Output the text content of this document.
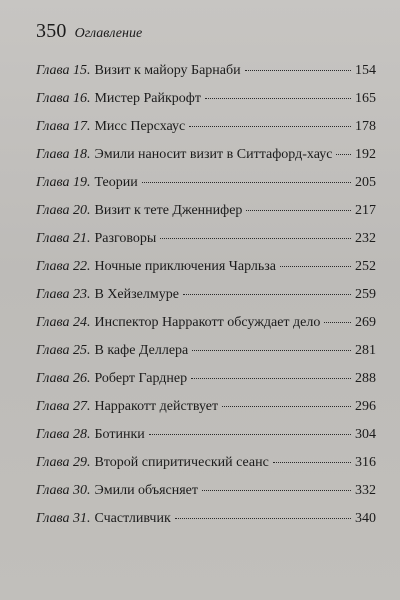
350 Оглавление
Глава 15. Визит к майору Барнаби	154
Глава 16. Мистер Райкрофт	165
Глава 17. Мисс Персхаус	178
Глава 18. Эмили наносит визит в Ситтафорд-хаус 192
Глава 19. Теории	205
Глава 20. Визит к тете Дженнифер	217
Глава 21. Разговоры	232
Глава 22. Ночные приключения Чарльза	252
Глава 23. В Хейзелмуре	259
Глава 24. Инспектор Нарракотт обсуждает дело 269
Глава 25. В кафе Деллера	281
Глава 26. Роберт Гарднер	288
Глава 27. Нарракотт действует	296
Глава 28. Ботинки	304
Глава 29. Второй спиритический сеанс	316
Глава 30. Эмили объясняет	332
Глава 31. Счастливчик	340
